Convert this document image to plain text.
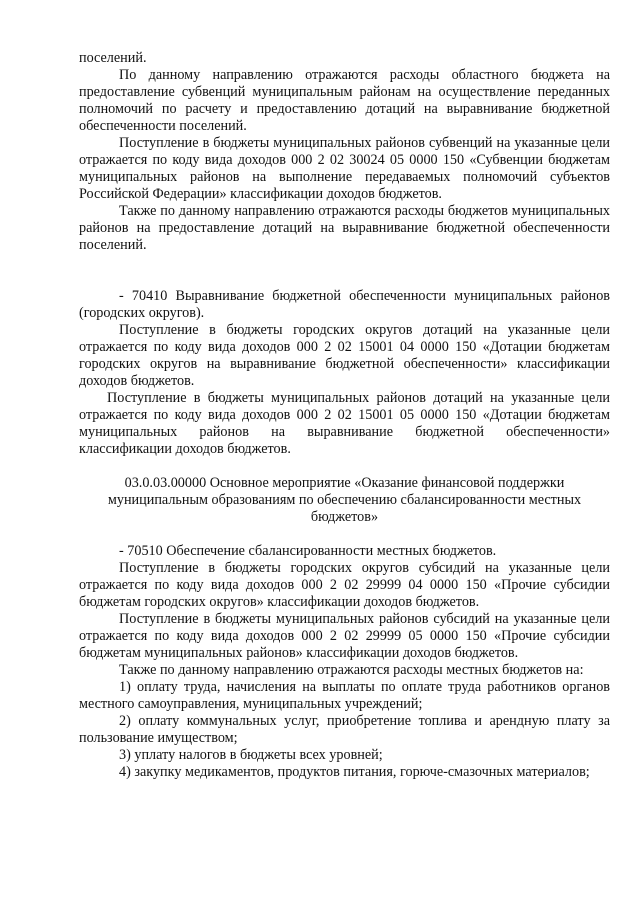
поселений.

По данному направлению отражаются расходы областного бюджета на предоставление субвенций муниципальным районам на осуществление переданных полномочий по расчету и предоставлению дотаций на выравнивание бюджетной обеспеченности поселений.

Поступление в бюджеты муниципальных районов субвенций на указанные цели отражается по коду вида доходов 000 2 02 30024 05 0000 150 «Субвенции бюджетам муниципальных районов на выполнение передаваемых полномочий субъектов Российской Федерации» классификации доходов бюджетов.

Также по данному направлению отражаются расходы бюджетов муниципальных районов на предоставление дотаций на выравнивание бюджетной обеспеченности поселений.

- 70410 Выравнивание бюджетной обеспеченности муниципальных районов (городских округов).

Поступление в бюджеты городских округов дотаций на указанные цели отражается по коду вида доходов 000 2 02 15001 04 0000 150 «Дотации бюджетам городских округов на выравнивание бюджетной обеспеченности» классификации доходов бюджетов.

Поступление в бюджеты муниципальных районов дотаций на указанные цели отражается по коду вида доходов 000 2 02 15001 05 0000 150 «Дотации бюджетам муниципальных районов на выравнивание бюджетной обеспеченности» классификации доходов бюджетов.

03.0.03.00000 Основное мероприятие «Оказание финансовой поддержки муниципальным образованиям по обеспечению сбалансированности местных бюджетов»

- 70510 Обеспечение сбалансированности местных бюджетов.

Поступление в бюджеты городских округов субсидий на указанные цели отражается по коду вида доходов 000 2 02 29999 04 0000 150 «Прочие субсидии бюджетам городских округов» классификации доходов бюджетов.

Поступление в бюджеты муниципальных районов субсидий на указанные цели отражается по коду вида доходов 000 2 02 29999 05 0000 150 «Прочие субсидии бюджетам муниципальных районов» классификации доходов бюджетов.

Также по данному направлению отражаются расходы местных бюджетов на:

1) оплату труда, начисления на выплаты по оплате труда работников органов местного самоуправления, муниципальных учреждений;

2) оплату коммунальных услуг, приобретение топлива и арендную плату за пользование имуществом;

3) уплату налогов в бюджеты всех уровней;

4) закупку медикаментов, продуктов питания, горюче-смазочных материалов;
